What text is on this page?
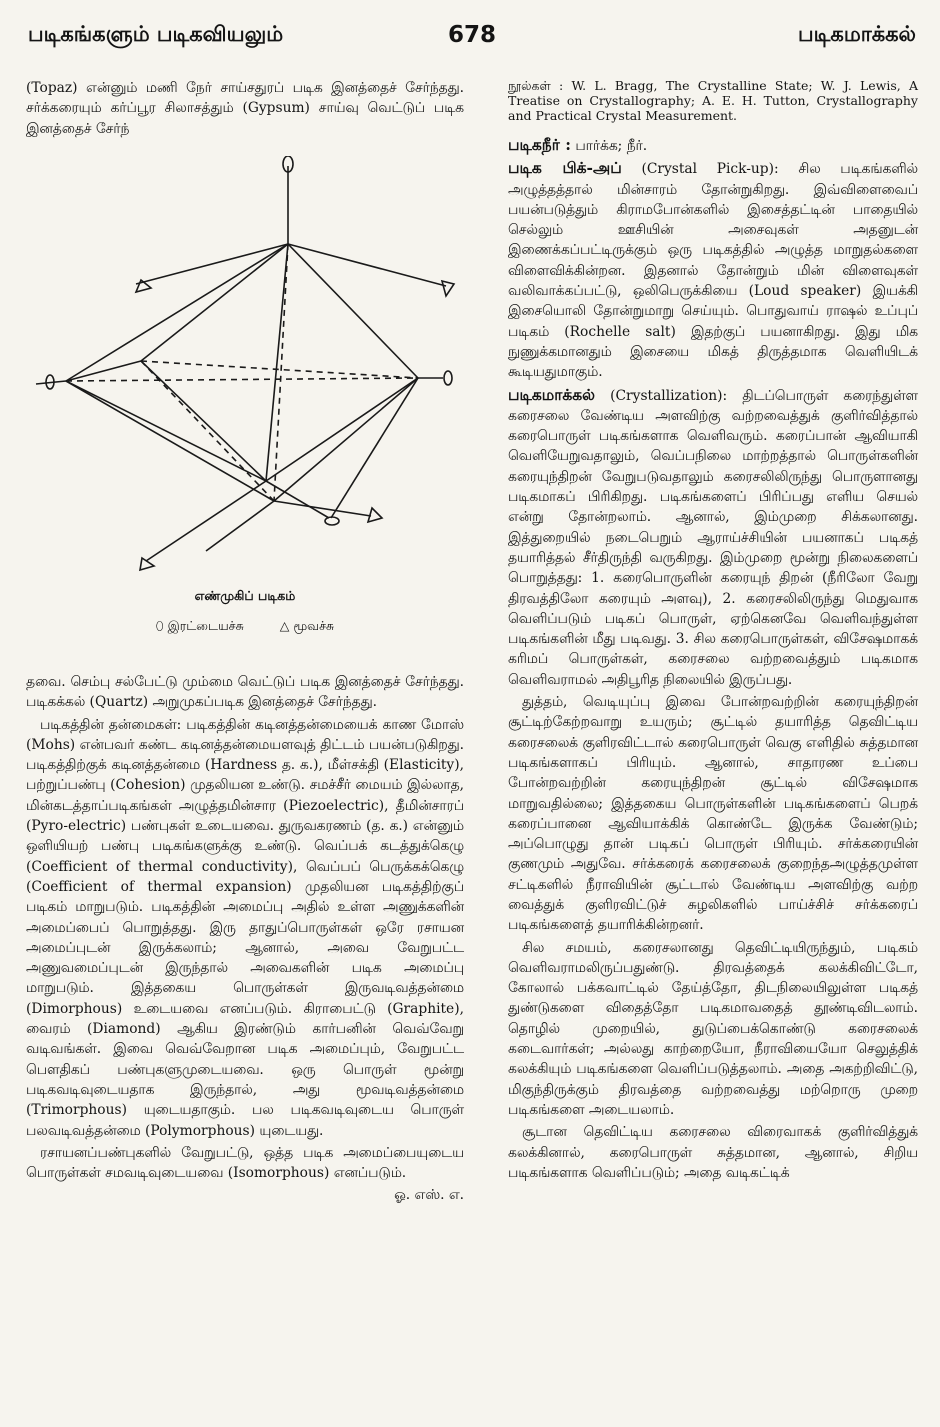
படிகங்களும் படிகவியலும்	678	படிகமாக்கல்

(Topaz) என்னும் மணி நேர் சாய்சதுரப் படிக இனத்தைச் சேர்ந்தது. சர்க்கரையும் கர்ப்பூர சிலாசத்தும் (Gypsum) சாய்வு வெட்டுப் படிக இனத்தைச் சேர்ந்

எண்முகிப் படிகம்
⬯ இரட்டையச்சு	△ மூவச்சு

தவை. செம்பு சல்பேட்டு மும்மை வெட்டுப் படிக இனத்தைச் சேர்ந்தது. படிகக்கல் (Quartz) அறுமுகப்படிக இனத்தைச் சேர்ந்தது.

படிகத்தின் தன்மைகள்: படிகத்தின் கடினத்தன்மையைக் காண மோஸ் (Mohs) என்பவர் கண்ட கடினத்தன்மையளவுத் திட்டம் பயன்படுகிறது. படிகத்திற்குக் கடினத்தன்மை (Hardness த. க.), மீள்சக்தி (Elasticity), பற்றுப்பண்பு (Cohesion) முதலியன உண்டு. சமச்சீர் மையம் இல்லாத, மின்கடத்தாப்படிகங்கள் அழுத்தமின்சார (Piezoelectric), தீமின்சாரப் (Pyro-electric) பண்புகள் உடையவை. துருவகரணம் (த. க.) என்னும் ஒளியியற் பண்பு படிகங்களுக்கு உண்டு. வெப்பக் கடத்துக்கெழு (Coefficient of thermal conductivity), வெப்பப் பெருக்கக்கெழு (Coefficient of thermal expansion) முதலியன படிகத்திற்குப் படிகம் மாறுபடும். படிகத்தின் அமைப்பு அதில் உள்ள அணுக்களின் அமைப்பைப் பொறுத்தது. இரு தாதுப்பொருள்கள் ஒரே ரசாயன அமைப்புடன் இருக்கலாம்; ஆனால், அவை வேறுபட்ட அணுவமைப்புடன் இருந்தால் அவைகளின் படிக அமைப்பு மாறுபடும். இத்தகைய பொருள்கள் இருவடிவத்தன்மை (Dimorphous) உடையவை எனப்படும். கிராபைட்டு (Graphite), வைரம் (Diamond) ஆகிய இரண்டும் கார்பனின் வெவ்வேறு வடிவங்கள். இவை வெவ்வேறான படிக அமைப்பும், வேறுபட்ட பௌதிகப் பண்புகளுமுடையவை. ஒரு பொருள் மூன்று படிகவடிவுடையதாக இருந்தால், அது மூவடிவத்தன்மை (Trimorphous) யுடையதாகும். பல படிகவடிவுடைய பொருள் பலவடிவத்தன்மை (Polymorphous) யுடையது.

ரசாயனப்பண்புகளில் வேறுபட்டு, ஒத்த படிக அமைப்பையுடைய பொருள்கள் சமவடிவுடையவை (Isomorphous) எனப்படும்.

ஓ. எஸ். எ.

நூல்கள் : W. L. Bragg, The Crystalline State; W. J. Lewis, A Treatise on Crystallography; A. E. H. Tutton, Crystallography and Practical Crystal Measurement.

படிகநீர் : பார்க்க; நீர்.

படிக பிக்-அப் (Crystal Pick-up): சில படிகங்களில் அழுத்தத்தால் மின்சாரம் தோன்றுகிறது. இவ்விளைவைப் பயன்படுத்தும் கிராமபோன்களில் இசைத்தட்டின் பாதையில் செல்லும் ஊசியின் அசைவுகள் அதனுடன் இணைக்கப்பட்டிருக்கும் ஒரு படிகத்தில் அழுத்த மாறுதல்களை விளைவிக்கின்றன. இதனால் தோன்றும் மின் விளைவுகள் வலிவாக்கப்பட்டு, ஒலிபெருக்கியை (Loud speaker) இயக்கி இசையொலி தோன்றுமாறு செய்யும். பொதுவாய் ராஷல் உப்புப் படிகம் (Rochelle salt) இதற்குப் பயனாகிறது. இது மிக நுணுக்கமானதும் இசையை மிகத் திருத்தமாக வெளியிடக் கூடியதுமாகும்.

படிகமாக்கல் (Crystallization): திடப்பொருள் கரைந்துள்ள கரைசலை வேண்டிய அளவிற்கு வற்றவைத்துக் குளிர்வித்தால் கரைபொருள் படிகங்களாக வெளிவரும். கரைப்பான் ஆவியாகி வெளியேறுவதாலும், வெப்பநிலை மாற்றத்தால் பொருள்களின் கரையுந்திறன் வேறுபடுவதாலும் கரைசலிலிருந்து பொருளானது படிகமாகப் பிரிகிறது. படிகங்களைப் பிரிப்பது எளிய செயல் என்று தோன்றலாம். ஆனால், இம்முறை சிக்கலானது. இத்துறையில் நடைபெறும் ஆராய்ச்சியின் பயனாகப் படிகத் தயாரித்தல் சீர்திருந்தி வருகிறது. இம்முறை மூன்று நிலைகளைப் பொறுத்தது: 1. கரைபொருளின் கரையுந் திறன் (நீரிலோ வேறு திரவத்திலோ கரையும் அளவு), 2. கரைசலிலிருந்து மெதுவாக வெளிப்படும் படிகப் பொருள், ஏற்கெனவே வெளிவந்துள்ள படிகங்களின் மீது படிவது. 3. சில கரைபொருள்கள், விசேஷமாகக் கரிமப் பொருள்கள், கரைசலை வற்றவைத்தும் படிகமாக வெளிவராமல் அதிபூரித நிலையில் இருப்பது.

துத்தம், வெடியுப்பு இவை போன்றவற்றின் கரையுந்திறன் சூட்டிற்கேற்றவாறு உயரும்; சூட்டில் தயாரித்த தெவிட்டிய கரைசலைக் குளிரவிட்டால் கரைபொருள் வெகு எளிதில் சுத்தமான படிகங்களாகப் பிரியும். ஆனால், சாதாரண உப்பை போன்றவற்றின் கரையுந்திறன் சூட்டில் விசேஷமாக மாறுவதில்லை; இத்தகைய பொருள்களின் படிகங்களைப் பெறக் கரைப்பானை ஆவியாக்கிக் கொண்டே இருக்க வேண்டும்; அப்பொழுது தான் படிகப் பொருள் பிரியும். சர்க்கரையின் குணமும் அதுவே. சர்க்கரைக் கரைசலைக் குறைந்தஅழுத்தமுள்ள சட்டிகளில் நீராவியின் சூட்டால் வேண்டிய அளவிற்கு வற்ற வைத்துக் குளிரவிட்டுச் சுழலிகளில் பாய்ச்சிச் சர்க்கரைப் படிகங்களைத் தயாரிக்கின்றனர்.

சில சமயம், கரைசலானது தெவிட்டியிருந்தும், படிகம் வெளிவராமலிருப்பதுண்டு. திரவத்தைக் கலக்கிவிட்டோ, கோலால் பக்கவாட்டில் தேய்த்தோ, திடநிலையிலுள்ள படிகத் துண்டுகளை விதைத்தோ படிகமாவதைத் தூண்டிவிடலாம். தொழில் முறையில், துடுப்பைக்கொண்டு கரைசலைக் கடைவார்கள்; அல்லது காற்றையோ, நீராவியையோ செலுத்திக் கலக்கியும் படிகங்களை வெளிப்படுத்தலாம். அதை அகற்றிவிட்டு, மிகுந்திருக்கும் திரவத்தை வற்றவைத்து மற்றொரு முறை படிகங்களை அடையலாம்.

சூடான தெவிட்டிய கரைசலை விரைவாகக் குளிர்வித்துக் கலக்கினால், கரைபொருள் சுத்தமான, ஆனால், சிறிய படிகங்களாக வெளிப்படும்; அதை வடிகட்டிக்
